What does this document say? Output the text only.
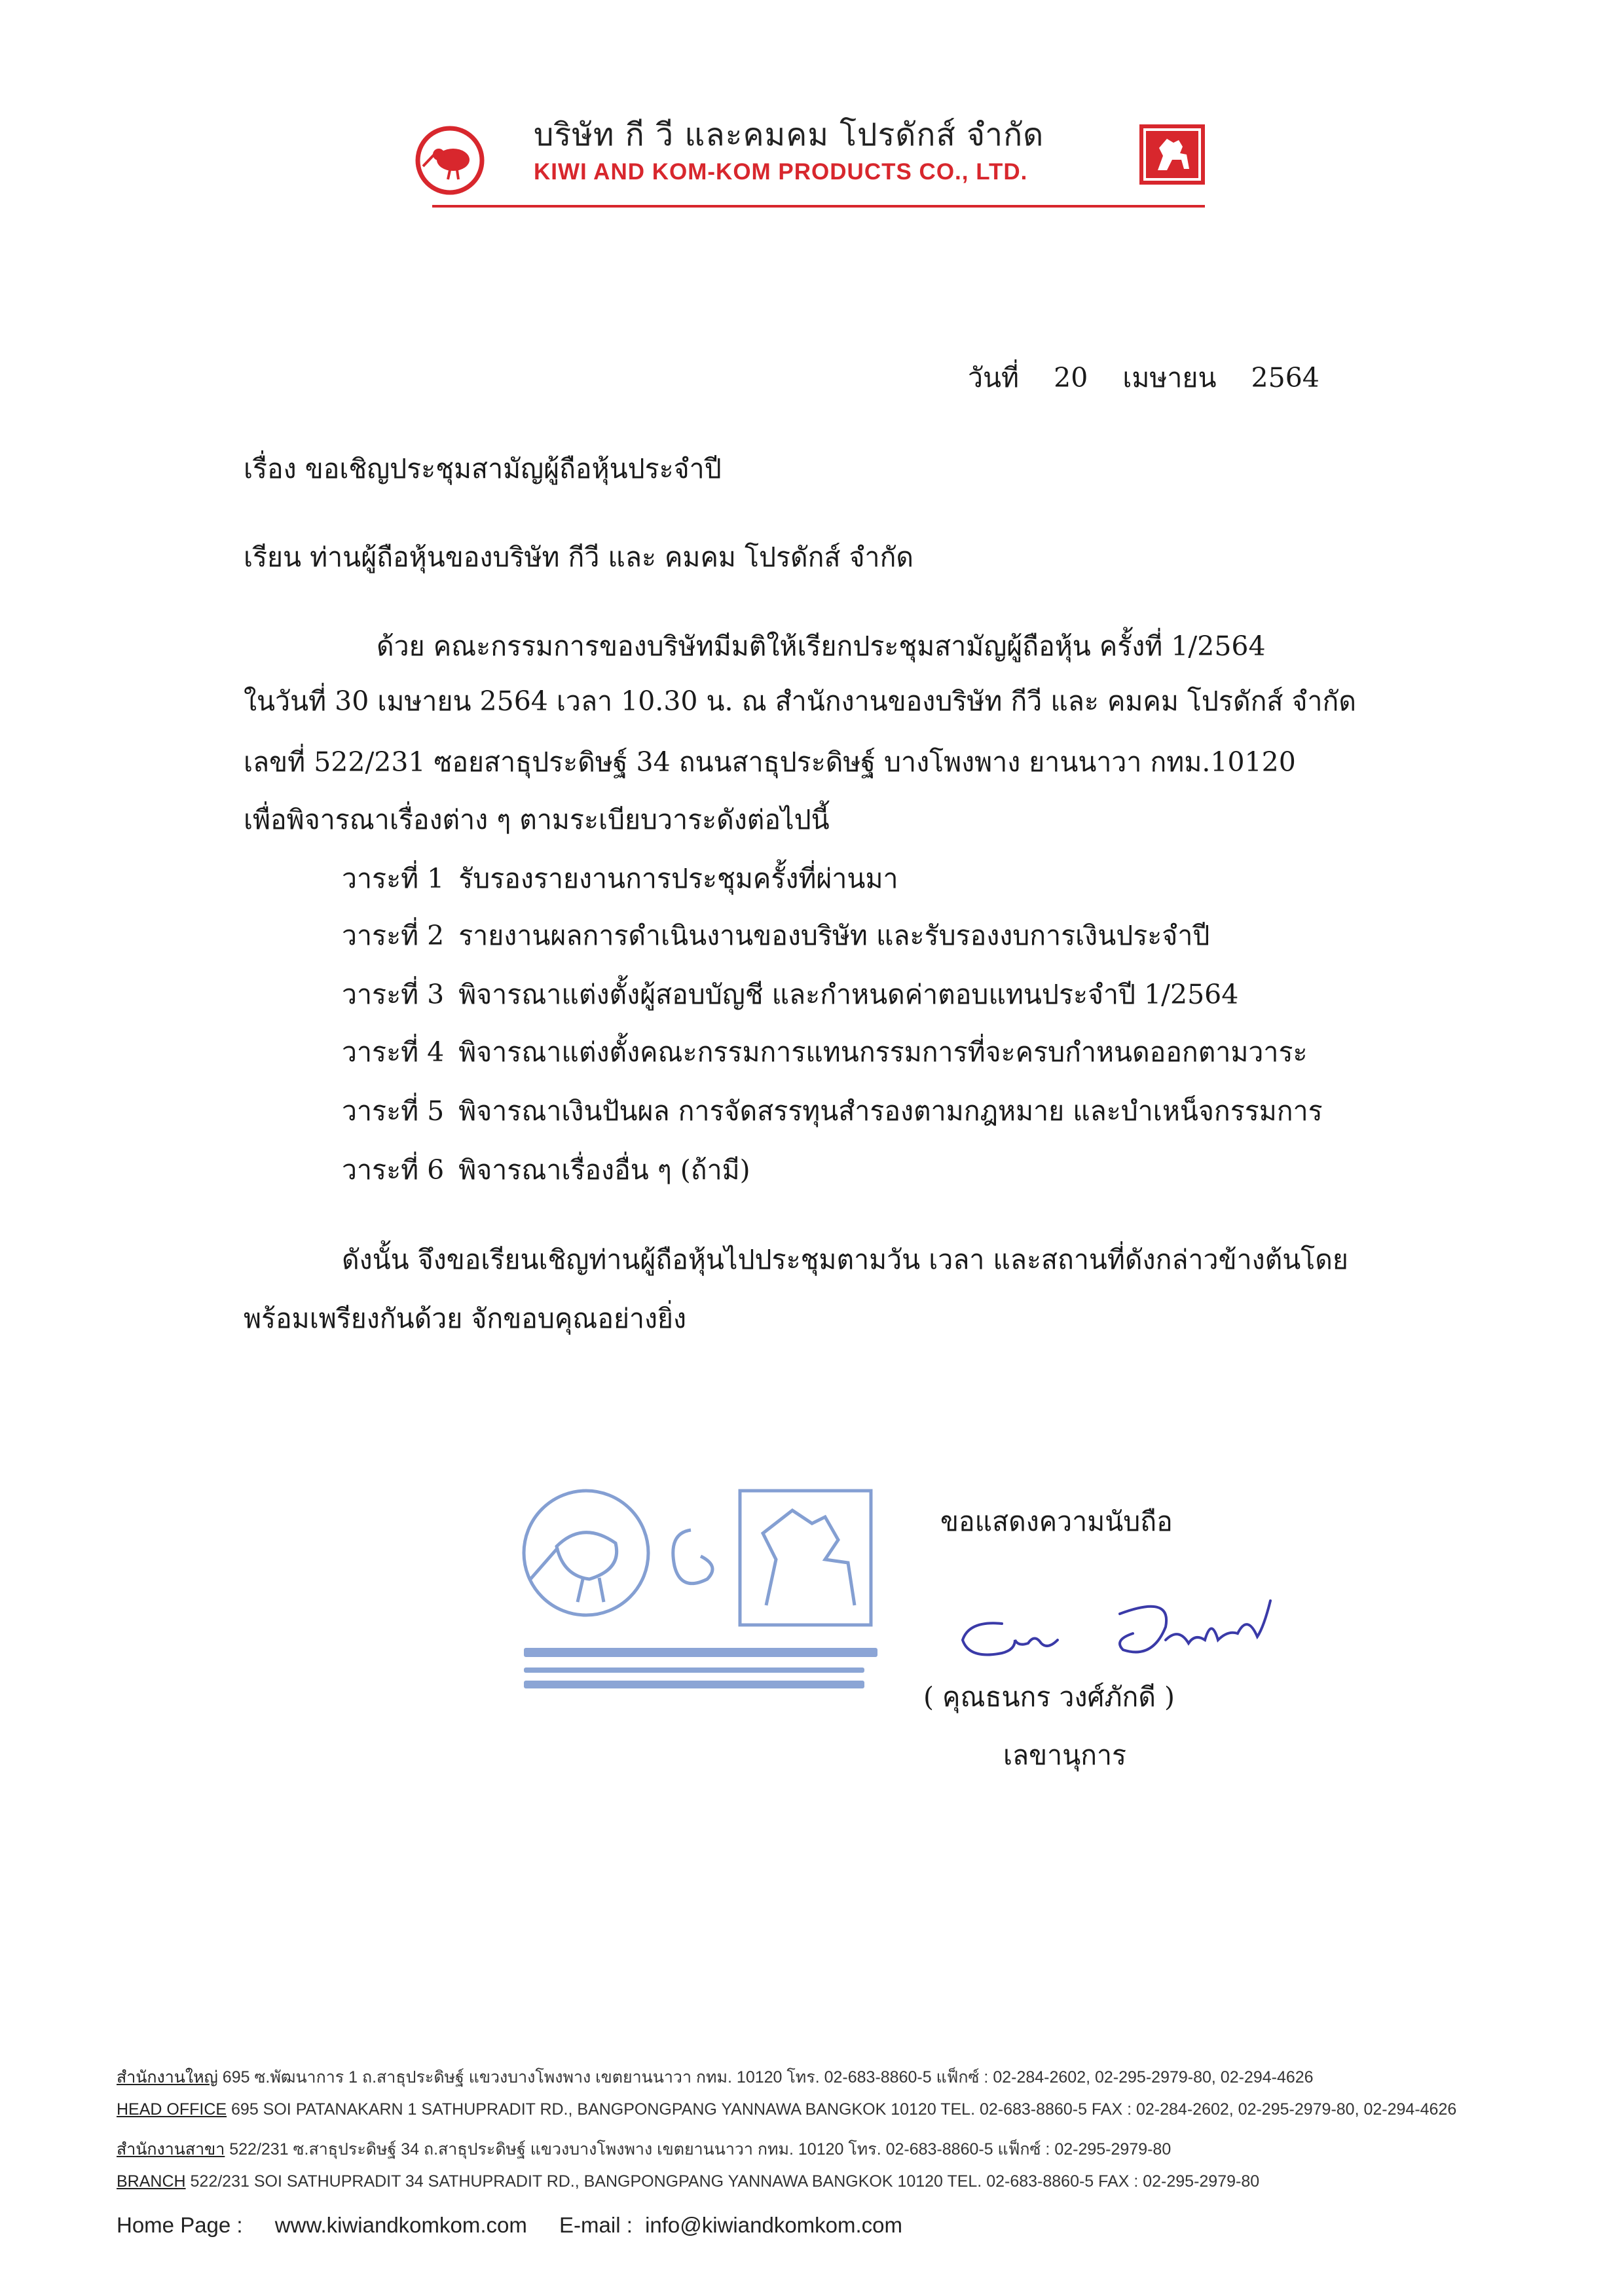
บริษัท กี วี และคมคม โปรดักส์ จำกัด
KIWI AND KOM-KOM PRODUCTS CO., LTD.
วันที่ 20 เมษายน 2564
เรื่อง ขอเชิญประชุมสามัญผู้ถือหุ้นประจำปี
เรียน ท่านผู้ถือหุ้นของบริษัท กีวี และ คมคม โปรดักส์ จำกัด
ด้วย คณะกรรมการของบริษัทมีมติให้เรียกประชุมสามัญผู้ถือหุ้น ครั้งที่ 1/2564
ในวันที่ 30 เมษายน 2564 เวลา 10.30 น. ณ สำนักงานของบริษัท กีวี และ คมคม โปรดักส์ จำกัด
เลขที่ 522/231 ซอยสาธุประดิษฐ์ 34 ถนนสาธุประดิษฐ์ บางโพงพาง ยานนาวา กทม.10120
เพื่อพิจารณาเรื่องต่าง ๆ ตามระเบียบวาระดังต่อไปนี้
วาระที่ 1 รับรองรายงานการประชุมครั้งที่ผ่านมา
วาระที่ 2 รายงานผลการดำเนินงานของบริษัท และรับรองงบการเงินประจำปี
วาระที่ 3 พิจารณาแต่งตั้งผู้สอบบัญชี และกำหนดค่าตอบแทนประจำปี 1/2564
วาระที่ 4 พิจารณาแต่งตั้งคณะกรรมการแทนกรรมการที่จะครบกำหนดออกตามวาระ
วาระที่ 5 พิจารณาเงินปันผล การจัดสรรทุนสำรองตามกฎหมาย และบำเหน็จกรรมการ
วาระที่ 6 พิจารณาเรื่องอื่น ๆ (ถ้ามี)
ดังนั้น จึงขอเรียนเชิญท่านผู้ถือหุ้นไปประชุมตามวัน เวลา และสถานที่ดังกล่าวข้างต้นโดย
พร้อมเพรียงกันด้วย จักขอบคุณอย่างยิ่ง
ขอแสดงความนับถือ
( คุณธนกร วงศ์ภักดี )
เลขานุการ
สำนักงานใหญ่ 695 ซ.พัฒนาการ 1 ถ.สาธุประดิษฐ์ แขวงบางโพงพาง เขตยานนาวา กทม. 10120 โทร. 02-683-8860-5 แฟ็กซ์ : 02-284-2602, 02-295-2979-80, 02-294-4626
HEAD OFFICE 695 SOI PATANAKARN 1 SATHUPRADIT RD., BANGPONGPANG YANNAWA BANGKOK 10120 TEL. 02-683-8860-5 FAX : 02-284-2602, 02-295-2979-80, 02-294-4626
สำนักงานสาขา 522/231 ซ.สาธุประดิษฐ์ 34 ถ.สาธุประดิษฐ์ แขวงบางโพงพาง เขตยานนาวา กทม. 10120 โทร. 02-683-8860-5 แฟ็กซ์ : 02-295-2979-80
BRANCH 522/231 SOI SATHUPRADIT 34 SATHUPRADIT RD., BANGPONGPANG YANNAWA BANGKOK 10120 TEL. 02-683-8860-5 FAX : 02-295-2979-80
Home Page : www.kiwiandkomkom.com E-mail : info@kiwiandkomkom.com
